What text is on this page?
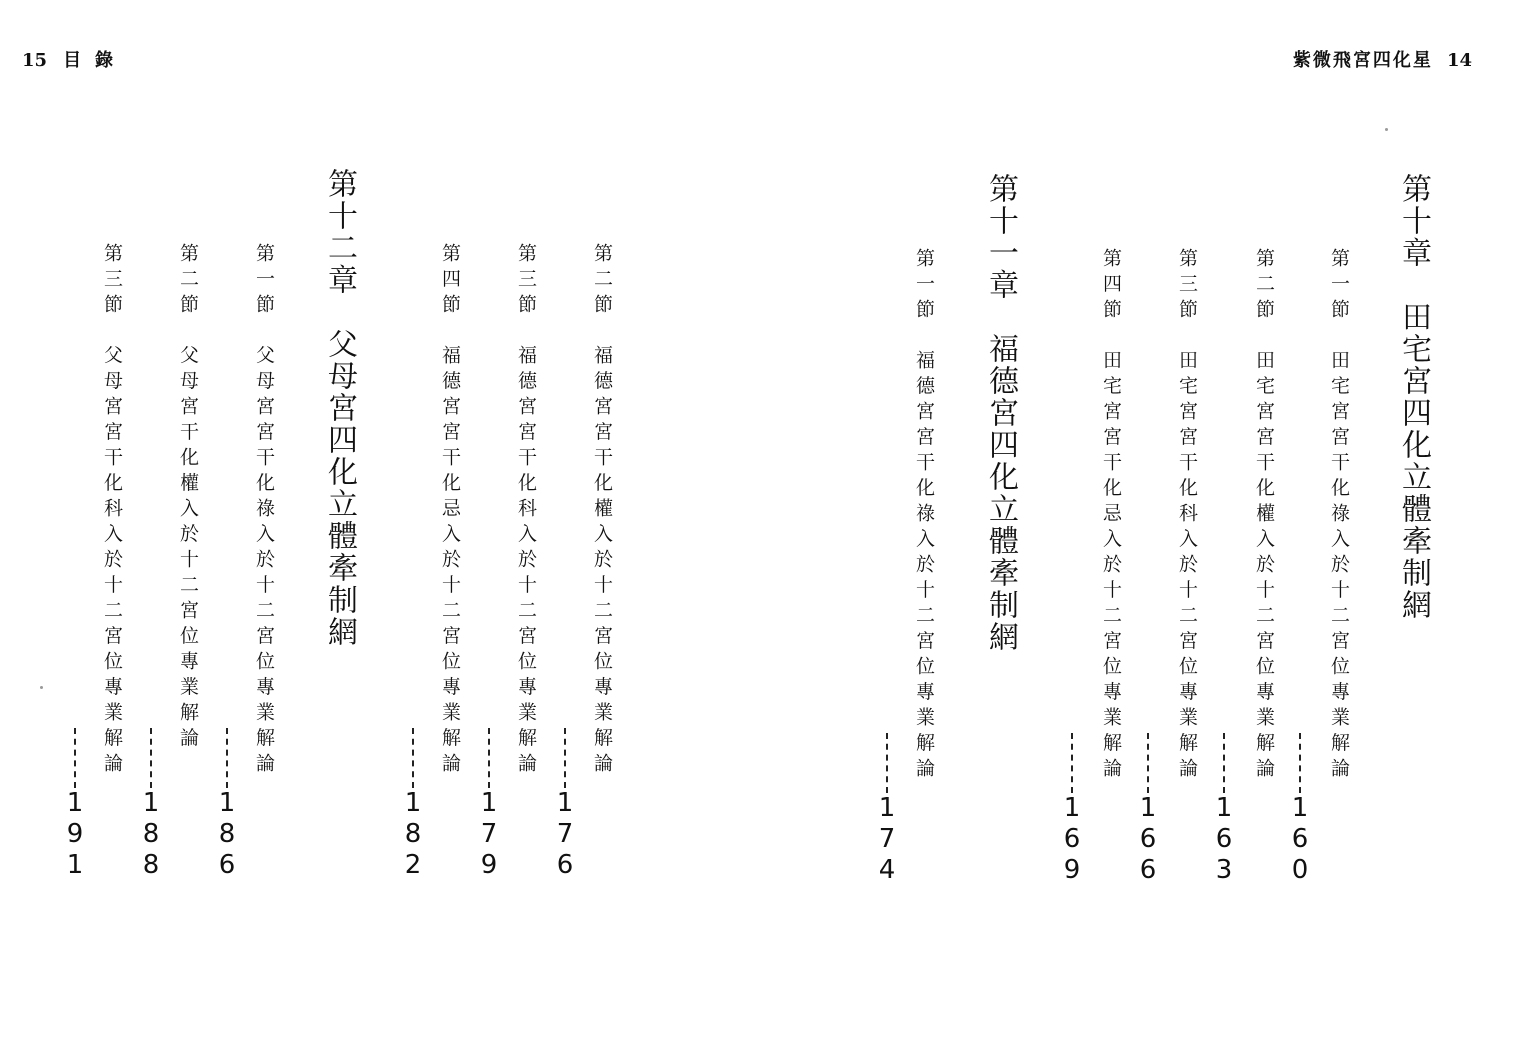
15 目錄
第二節　福德宮宮干化權入於十二宮位專業解論
176
第三節　福德宮宮干化科入於十二宮位專業解論
179
第四節　福德宮宮干化忌入於十二宮位專業解論
182
第十二章　父母宮四化立體牽制網
第一節　父母宮宮干化祿入於十二宮位專業解論
186
第二節　父母宮干化權入於十二宮位專業解論
188
第三節　父母宮宮干化科入於十二宮位專業解論
191
紫微飛宮四化星 14
第十章　田宅宮四化立體牽制網
第一節　田宅宮宮干化祿入於十二宮位專業解論
160
第二節　田宅宮宮干化權入於十二宮位專業解論
163
第三節　田宅宮宮干化科入於十二宮位專業解論
166
第四節　田宅宮宮干化忌入於十二宮位專業解論
169
第十一章　福德宮四化立體牽制網
第一節　福德宮宮干化祿入於十二宮位專業解論
174
